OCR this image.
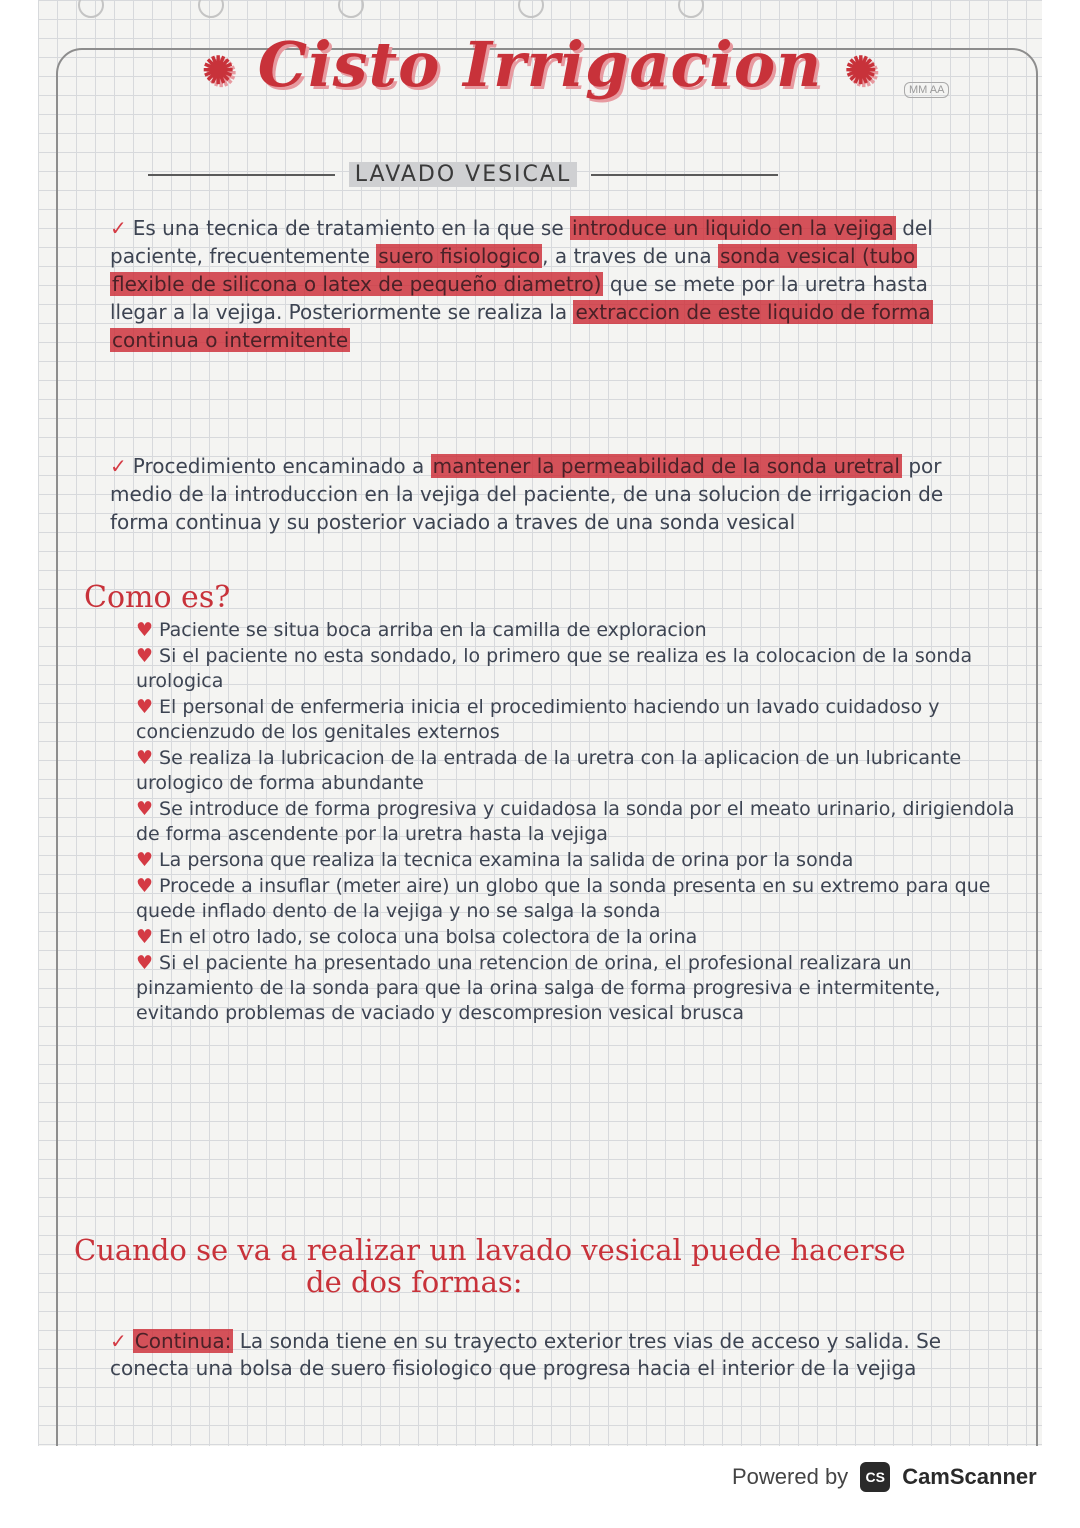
MM AA
✺ Cisto Irrigacion ✺
LAVADO VESICAL

✓ Es una tecnica de tratamiento en la que se introduce un liquido en la vejiga del paciente, frecuentemente suero fisiologico , a traves de una sonda vesical (tubo flexible de silicona o latex de pequeño diametro) que se mete por la uretra hasta llegar a la vejiga. Posteriormente se realiza la extraccion de este liquido de forma continua o intermitente

✓ Procedimiento encaminado a mantener la permeabilidad de la sonda uretral por medio de la introduccion en la vejiga del paciente, de una solucion de irrigacion de forma continua y su posterior vaciado a traves de una sonda vesical

Como es?
♥ Paciente se situa boca arriba en la camilla de exploracion
♥ Si el paciente no esta sondado, lo primero que se realiza es la colocacion de la sonda urologica
♥ El personal de enfermeria inicia el procedimiento haciendo un lavado cuidadoso y concienzudo de los genitales externos
♥ Se realiza la lubricacion de la entrada de la uretra con la aplicacion de un lubricante urologico de forma abundante
♥ Se introduce de forma progresiva y cuidadosa la sonda por el meato urinario, dirigiendola de forma ascendente por la uretra hasta la vejiga
♥ La persona que realiza la tecnica examina la salida de orina por la sonda
♥ Procede a insuflar (meter aire) un globo que la sonda presenta en su extremo para que quede inflado dento de la vejiga y no se salga la sonda
♥ En el otro lado, se coloca una bolsa colectora de la orina
♥ Si el paciente ha presentado una retencion de orina, el profesional realizara un pinzamiento de la sonda para que la orina salga de forma progresiva e intermitente, evitando problemas de vaciado y descompresion vesical brusca
Cuando se va a realizar un lavado vesical puede hacerse
de dos formas:

✓ Continua: La sonda tiene en su trayecto exterior tres vias de acceso y salida. Se conecta una bolsa de suero fisiologico que progresa hacia el interior de la vejiga

Powered by	CS CamScanner
